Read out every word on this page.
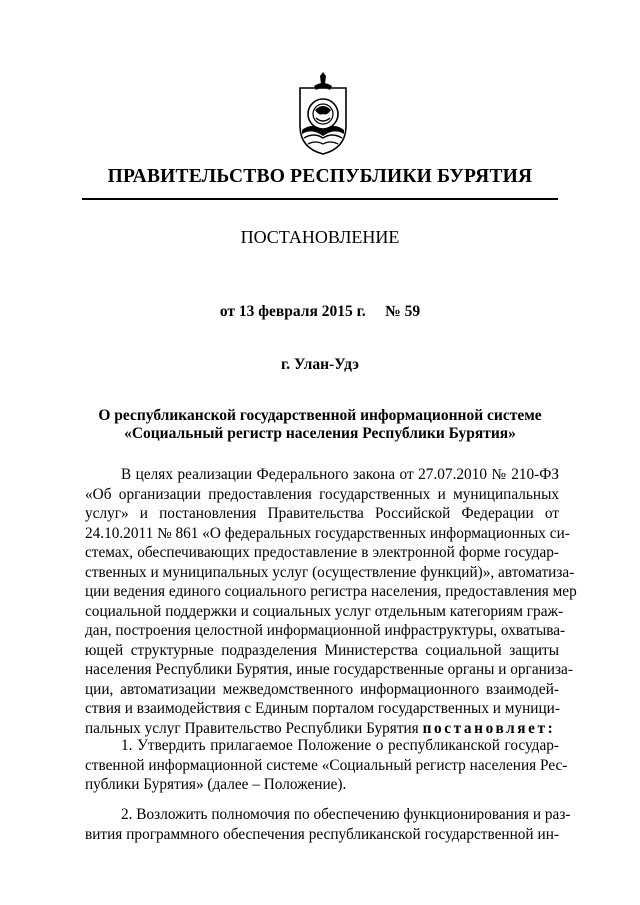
ПРАВИТЕЛЬСТВО РЕСПУБЛИКИ БУРЯТИЯ
ПОСТАНОВЛЕНИЕ
от 13 февраля 2015 г.     № 59
г. Улан-Удэ
О республиканской государственной информационной системе
«Социальный регистр населения Республики Бурятия»
В целях реализации Федерального закона от 27.07.2010 № 210-ФЗ
«Об организации предоставления государственных и муниципальных
услуг» и постановления Правительства Российской Федерации от
24.10.2011 № 861 «О федеральных государственных информационных си-
стемах, обеспечивающих предоставление в электронной форме государ-
ственных и муниципальных услуг (осуществление функций)», автоматиза-
ции ведения единого социального регистра населения, предоставления мер
социальной поддержки и социальных услуг отдельным категориям граж-
дан, построения целостной информационной инфраструктуры, охватыва-
ющей структурные подразделения Министерства социальной защиты
населения Республики Бурятия, иные государственные органы и организа-
ции, автоматизации межведомственного информационного взаимодей-
ствия и взаимодействия с Единым порталом государственных и муници-
пальных услуг Правительство Республики Бурятия постановляет:
1. Утвердить прилагаемое Положение о республиканской государ-
ственной информационной системе «Социальный регистр населения Рес-
публики Бурятия» (далее – Положение).
2. Возложить полномочия по обеспечению функционирования и раз-
вития программного обеспечения республиканской государственной ин-
